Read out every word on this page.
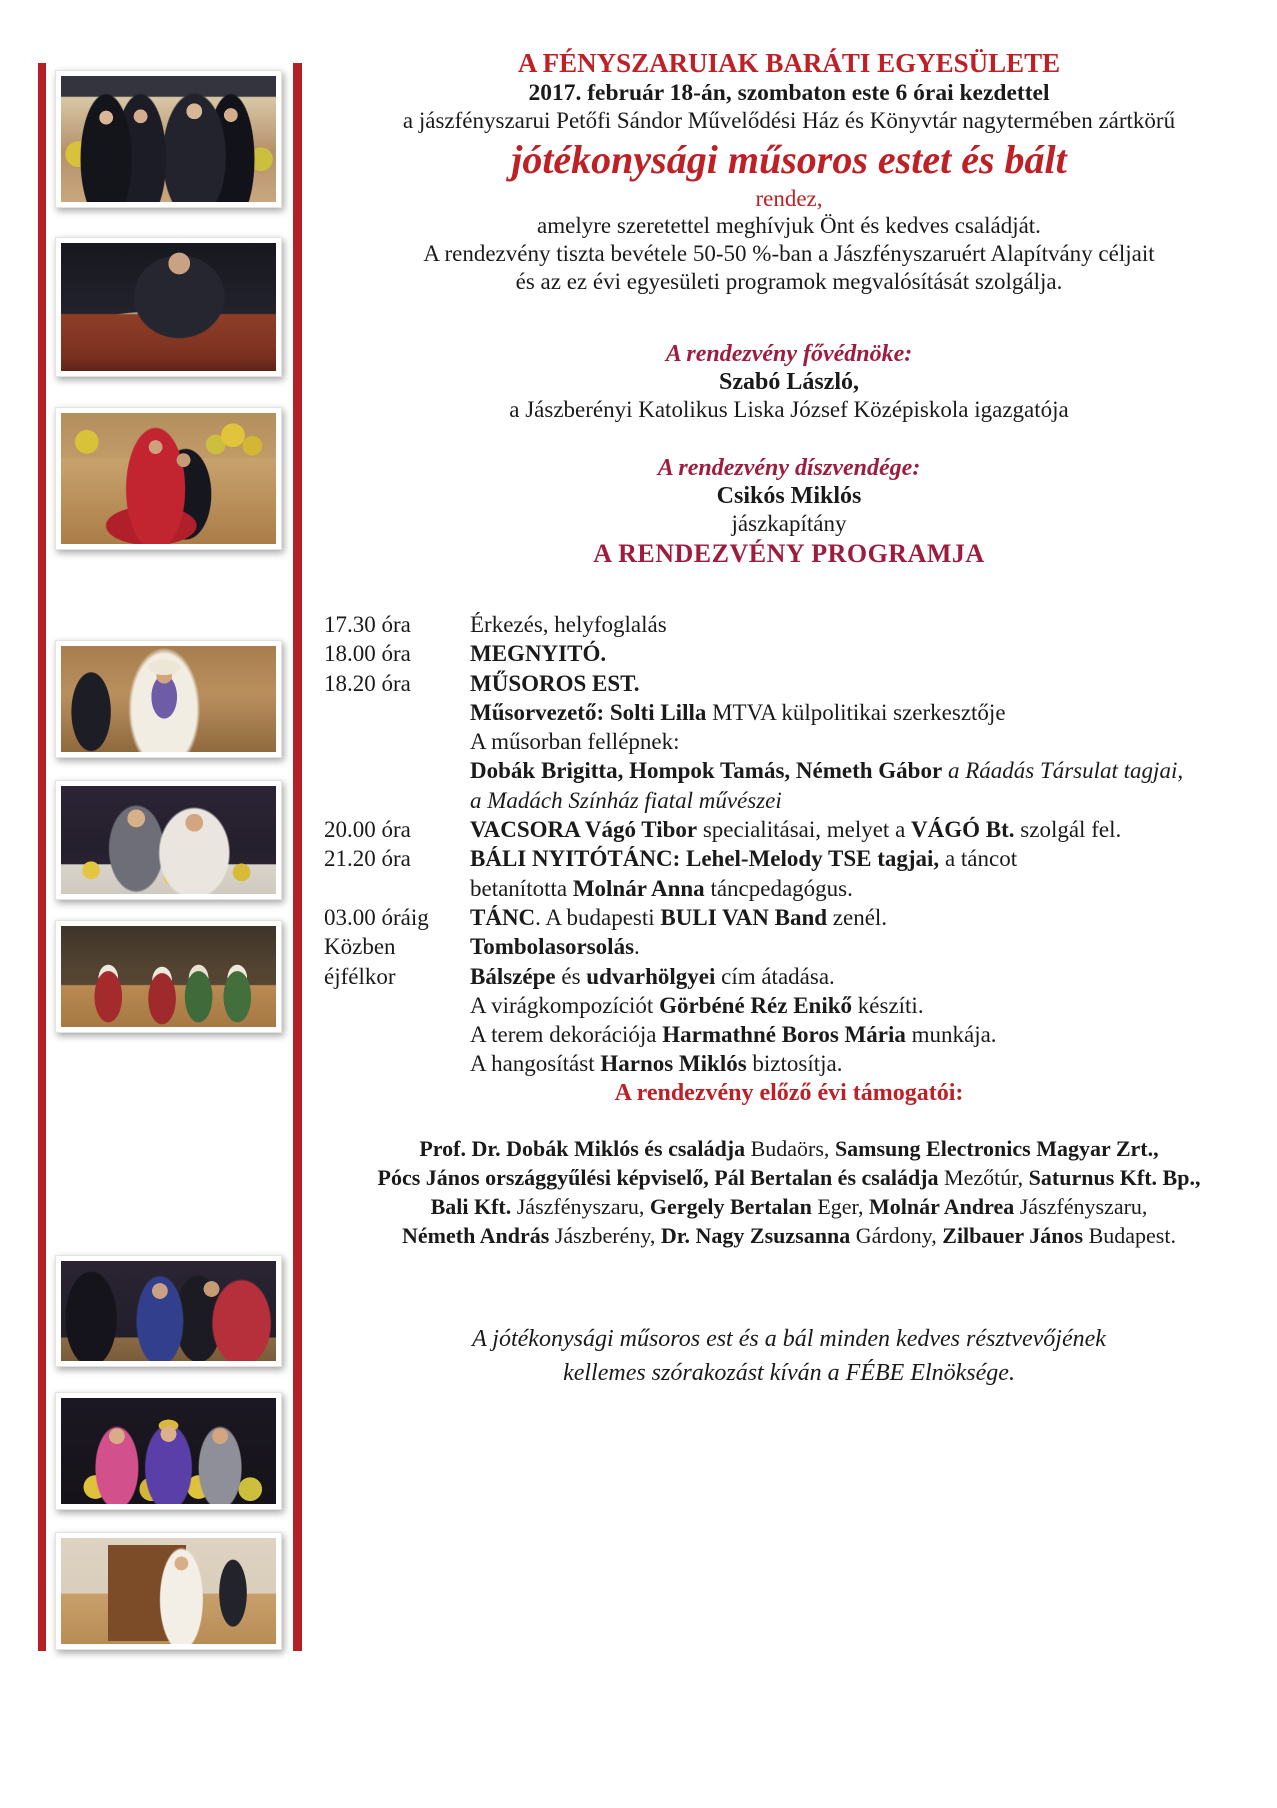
A FÉNYSZARUIAK BARÁTI EGYESÜLETE

2017. február 18-án, szombaton este 6 órai kezdettel

a jászfényszarui Petőfi Sándor Művelődési Ház és Könyvtár nagytermében zártkörű

jótékonysági műsoros estet és bált

rendez,

amelyre szeretettel meghívjuk Önt és kedves családját.

A rendezvény tiszta bevétele 50-50 %-ban a Jászfényszaruért Alapítvány céljait

és az ez évi egyesületi programok megvalósítását szolgálja.

A rendezvény fővédnöke:

Szabó László,

a Jászberényi Katolikus Liska József Középiskola igazgatója

A rendezvény díszvendége:

Csikós Miklós

jászkapítány

A RENDEZVÉNY PROGRAMJA
17.30 óra	Érkezés, helyfoglalás
18.00 óra	MEGNYITÓ.
18.20 óra	MŰSOROS EST.
Műsorvezető: Solti Lilla MTVA külpolitikai szerkesztője
A műsorban fellépnek:
Dobák Brigitta, Hompok Tamás, Németh Gábor a Ráadás Társulat tagjai,
a Madách Színház fiatal művészei
20.00 óra	VACSORA Vágó Tibor specialitásai, melyet a VÁGÓ Bt. szolgál fel.
21.20 óra	BÁLI NYITÓTÁNC: Lehel-Melody TSE tagjai, a táncot
betanította Molnár Anna táncpedagógus.
03.00 óráig	TÁNC. A budapesti BULI VAN Band zenél.
Közben	Tombolasorsolás.
éjfélkor	Bálszépe és udvarhölgyei cím átadása.
A virágkompozíciót Görbéné Réz Enikő készíti.
A terem dekorációja Harmathné Boros Mária munkája.
A hangosítást Harnos Miklós biztosítja.
A rendezvény előző évi támogatói:

Prof. Dr. Dobák Miklós és családja Budaörs, Samsung Electronics Magyar Zrt.,

Pócs János országgyűlési képviselő, Pál Bertalan és családja Mezőtúr, Saturnus Kft. Bp.,

Bali Kft. Jászfényszaru, Gergely Bertalan Eger, Molnár Andrea Jászfényszaru,

Németh András Jászberény, Dr. Nagy Zsuzsanna Gárdony, Zilbauer János Budapest.

A jótékonysági műsoros est és a bál minden kedves résztvevőjének

kellemes szórakozást kíván a FÉBE Elnöksége.
